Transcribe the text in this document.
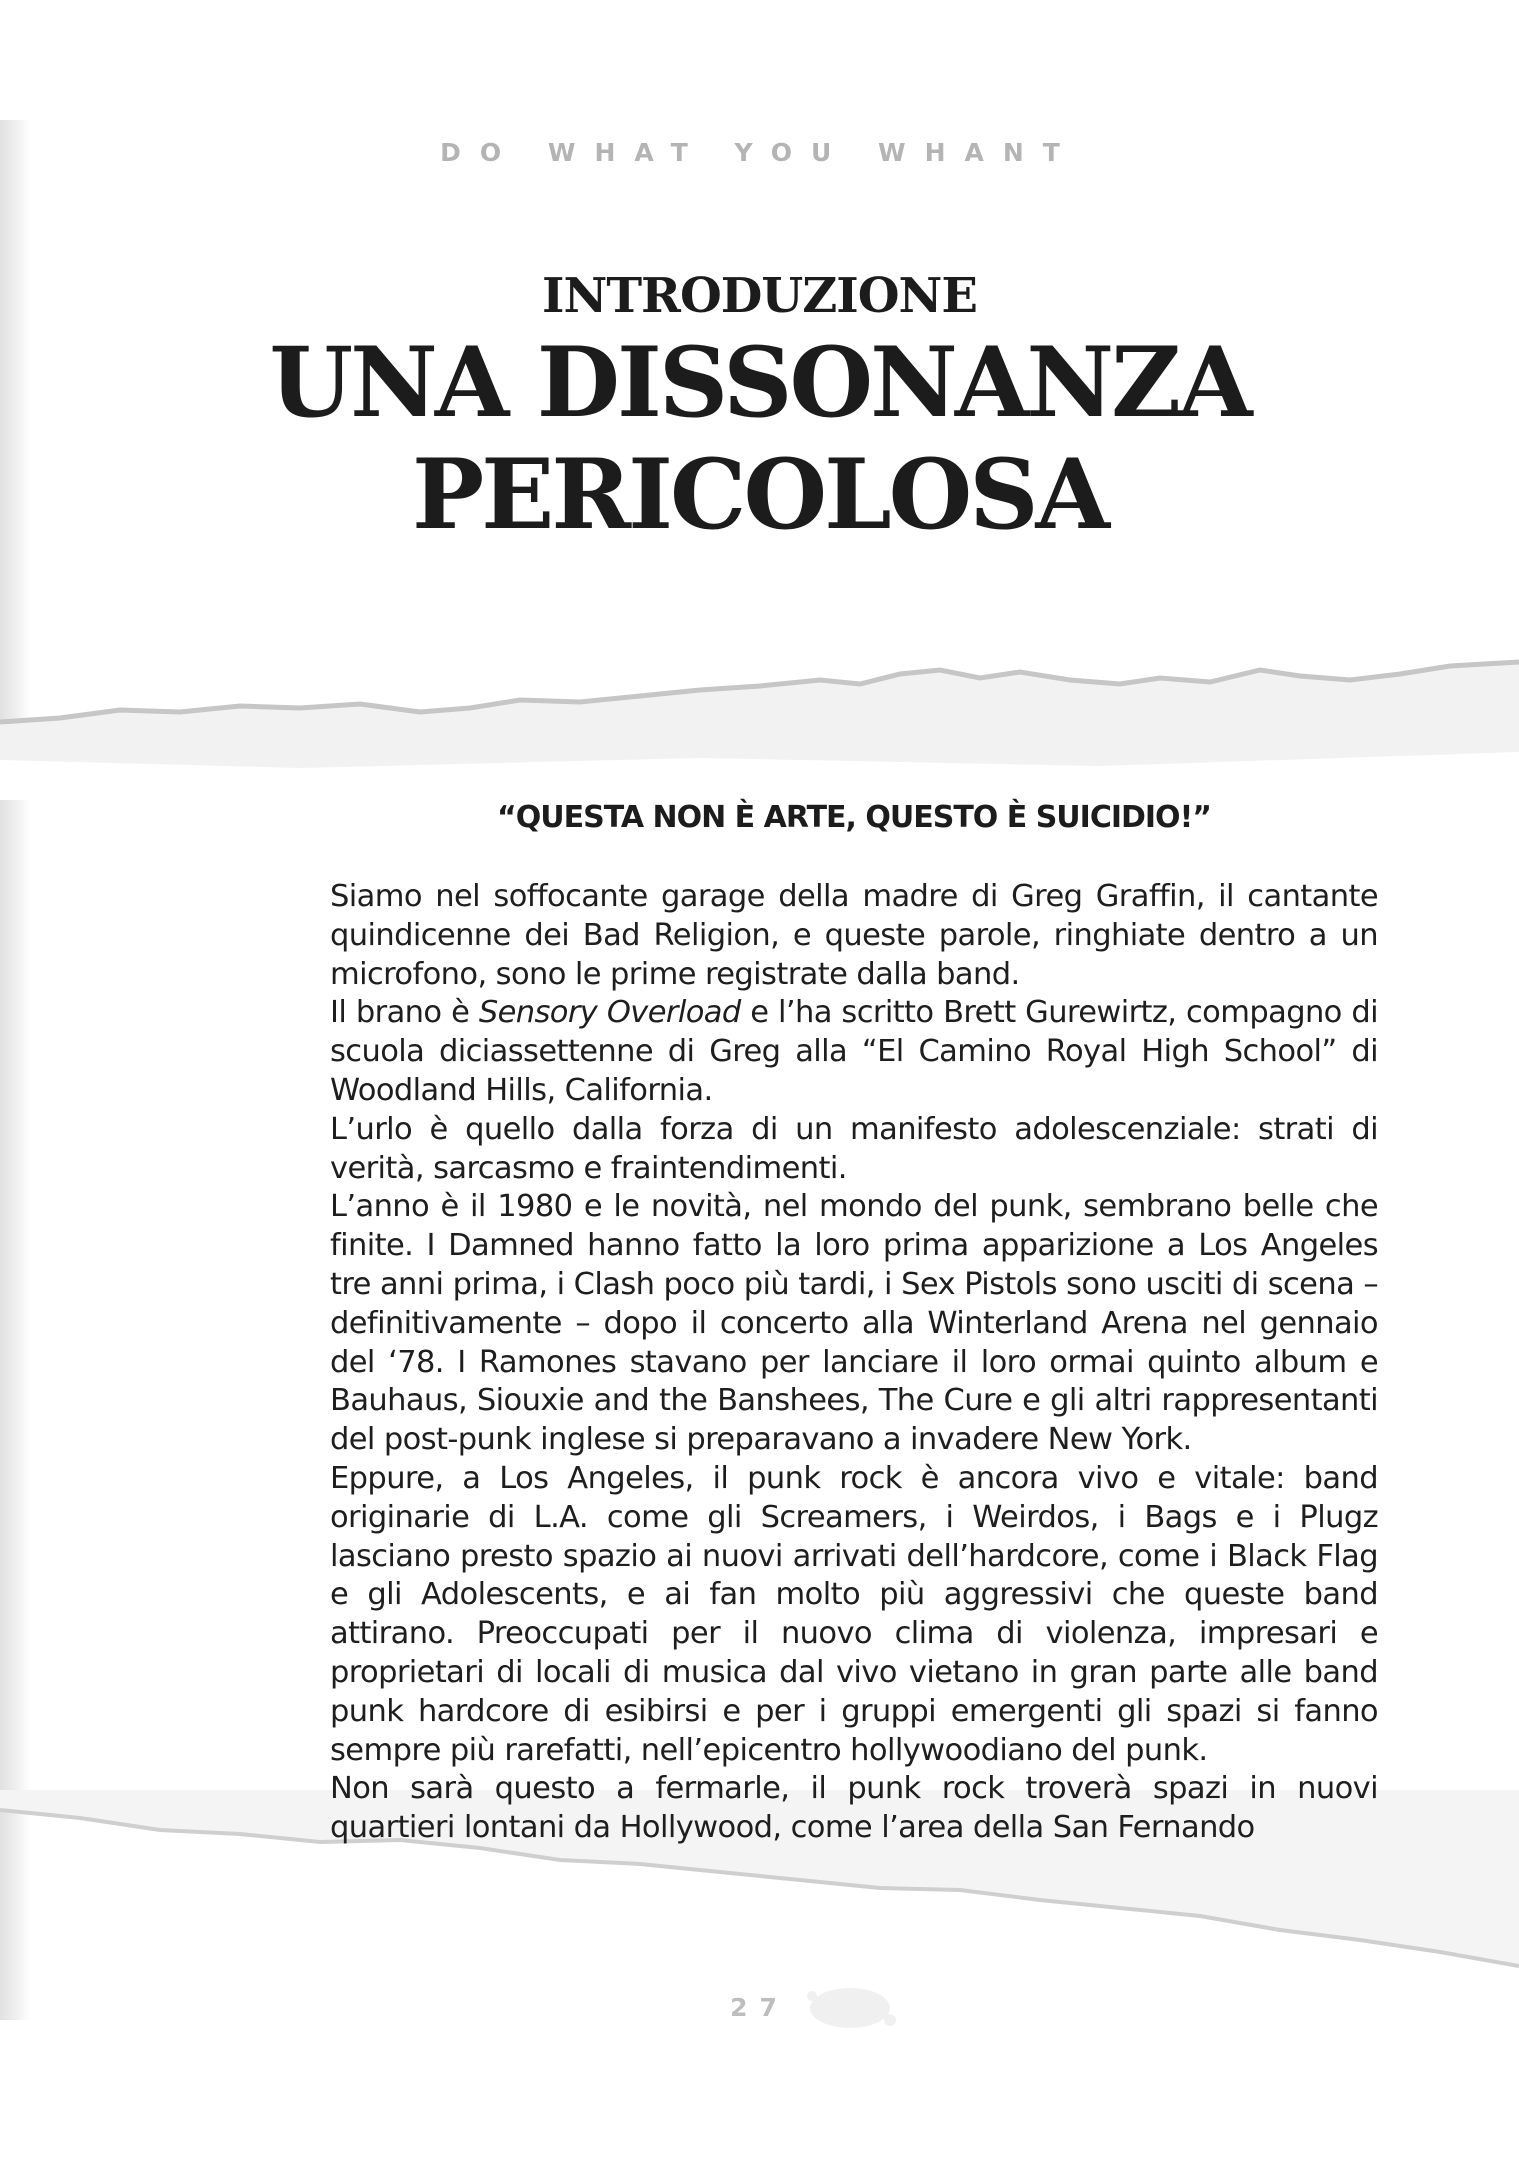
DO WHAT YOU WHANT
INTRODUZIONE
UNA DISSONANZA
PERICOLOSA
“QUESTA NON È ARTE, QUESTO È SUICIDIO!”

Siamo nel soffocante garage della madre di Greg Graffin, il cantante quindicenne dei Bad Religion, e queste parole, ringhiate dentro a un microfono, sono le prime registrate dalla band.

Il brano è Sensory Overload e l’ha scritto Brett Gurewirtz, compagno di scuola diciassettenne di Greg alla “El Camino Royal High School” di Woodland Hills, California.

L’urlo è quello dalla forza di un manifesto adolescenziale: strati di verità, sarcasmo e fraintendimenti.

L’anno è il 1980 e le novità, nel mondo del punk, sembrano belle che finite. I Damned hanno fatto la loro prima apparizione a Los Angeles tre anni prima, i Clash poco più tardi, i Sex Pistols sono usciti di scena – definitivamente – dopo il concerto alla Winterland Arena nel gennaio del ‘78. I Ramones stavano per lanciare il loro ormai quinto album e Bauhaus, Siouxie and the Banshees, The Cure e gli altri rappresentanti del post-punk inglese si preparavano a invadere New York.

Eppure, a Los Angeles, il punk rock è ancora vivo e vitale: band originarie di L.A. come gli Screamers, i Weirdos, i Bags e i Plugz lasciano presto spazio ai nuovi arrivati dell’hardcore, come i Black Flag e gli Adolescents, e ai fan molto più aggressivi che queste band attirano. Preoccupati per il nuovo clima di violenza, impresari e proprietari di locali di musica dal vivo vietano in gran parte alle band punk hardcore di esibirsi e per i gruppi emergenti gli spazi si fanno sempre più rarefatti, nell’epicentro hollywoodiano del punk.

Non sarà questo a fermarle, il punk rock troverà spazi in nuovi quartieri lontani da Hollywood, come l’area della San Fernando

27
